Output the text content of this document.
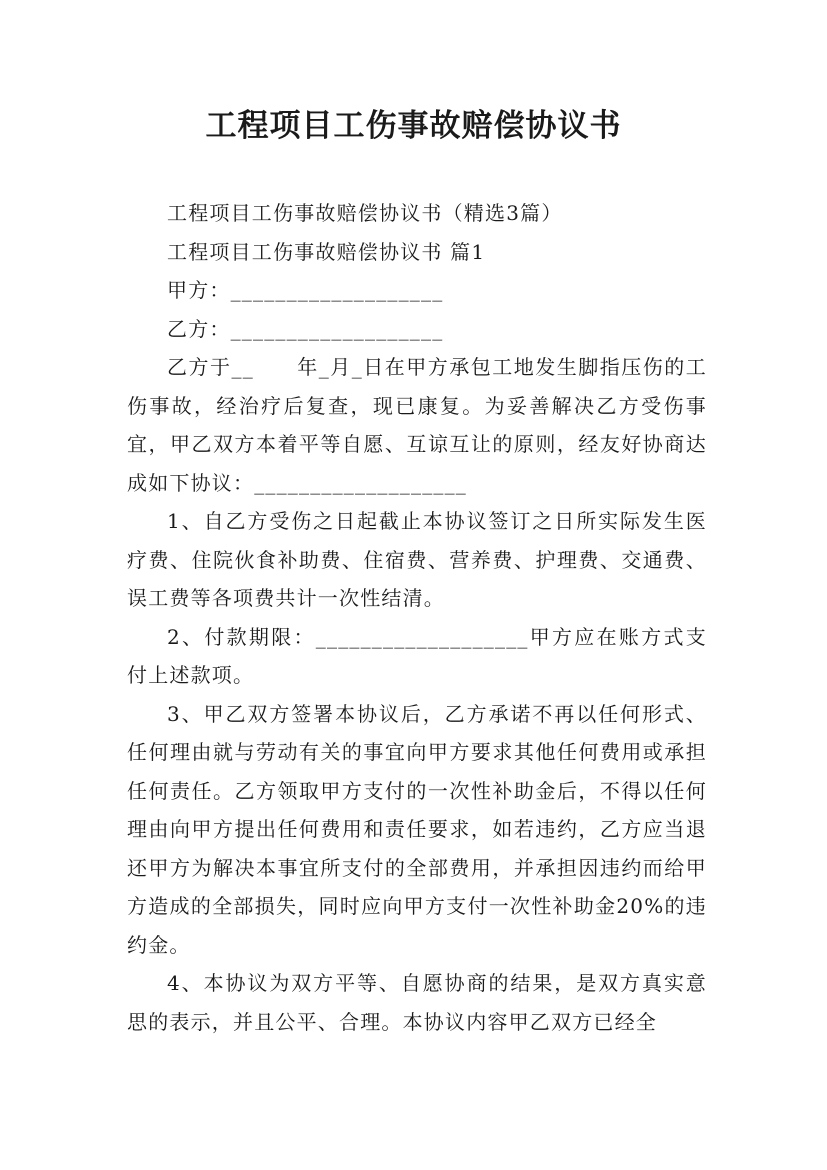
工程项目工伤事故赔偿协议书

工程项目工伤事故赔偿协议书（精选3篇）

工程项目工伤事故赔偿协议书 篇1

甲方：___________________

乙方：___________________

乙方于__　　年_月_日在甲方承包工地发生脚指压伤的工伤事故，经治疗后复查，现已康复。为妥善解决乙方受伤事宜，甲乙双方本着平等自愿、互谅互让的原则，经友好协商达成如下协议：___________________

1、自乙方受伤之日起截止本协议签订之日所实际发生医疗费、住院伙食补助费、住宿费、营养费、护理费、交通费、误工费等各项费共计一次性结清。

2、付款期限：___________________甲方应在账方式支付上述款项。

3、甲乙双方签署本协议后，乙方承诺不再以任何形式、任何理由就与劳动有关的事宜向甲方要求其他任何费用或承担任何责任。乙方领取甲方支付的一次性补助金后，不得以任何理由向甲方提出任何费用和责任要求，如若违约，乙方应当退还甲方为解决本事宜所支付的全部费用，并承担因违约而给甲方造成的全部损失，同时应向甲方支付一次性补助金20%的违约金。

4、本协议为双方平等、自愿协商的结果，是双方真实意思的表示，并且公平、合理。本协议内容甲乙双方已经全
